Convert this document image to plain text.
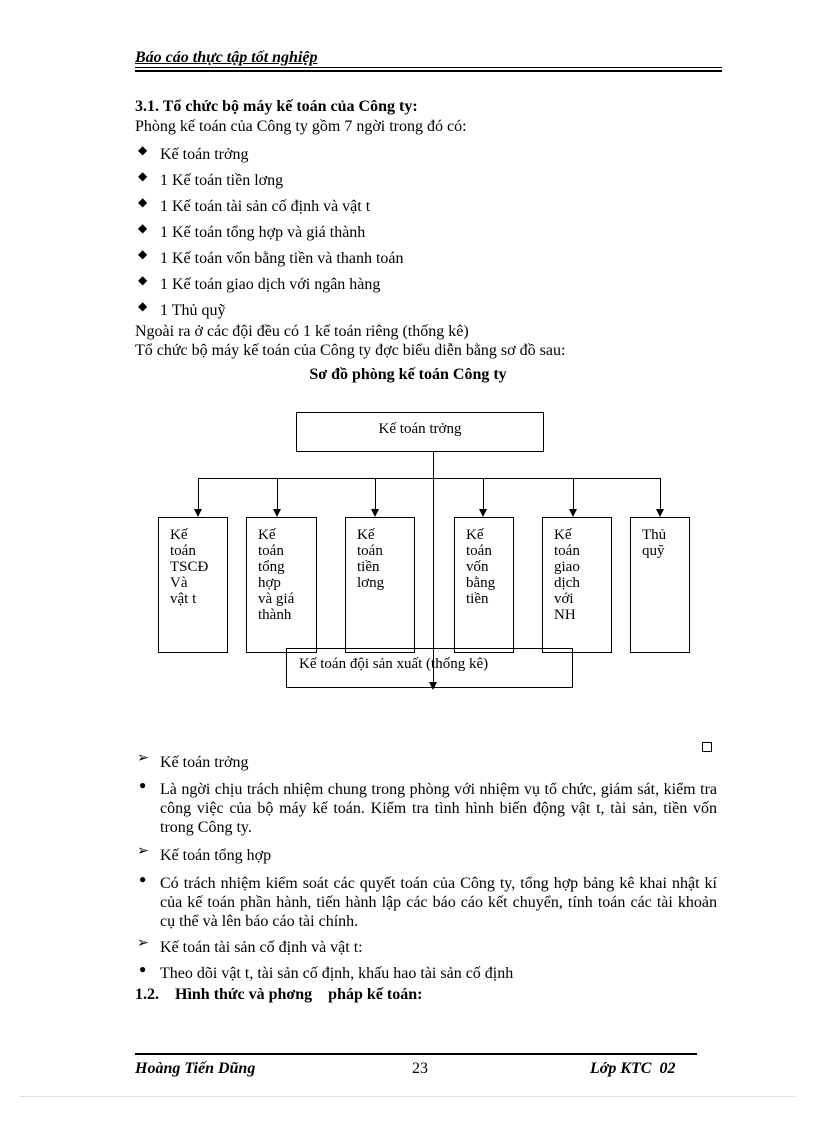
Báo cáo thực tập tốt nghiệp
3.1. Tổ chức bộ máy kế toán của Công ty:
Phòng kế toán của Công ty gồm 7 ngời trong đó có:
◆ Kế toán trởng
◆ 1 Kế toán tiền lơng
◆ 1 Kế toán tài sản cố định và vật t
◆ 1 Kế toán tổng hợp và giá thành
◆ 1 Kế toán vốn bằng tiền và thanh toán
◆ 1 Kế toán giao dịch với ngân hàng
◆ 1 Thủ quỹ
Ngoài ra ở các đội đều có 1 kế toán riêng (thống kê)
Tổ chức bộ máy kế toán của Công ty đợc biểu diễn bằng sơ đồ sau:
Sơ đồ phòng kế toán Công ty
Kế toán trởng
Kế
toán
TSCĐ
Và
vật t
Kế
toán
tổng
hợp
và giá
thành
Kế
toán
tiền
lơng
Kế
toán
vốn
bằng
tiền
Kế
toán
giao
dịch
với
NH
Thủ
quỹ
Kế toán đội sản xuất (thống kê)
➢ Kế toán trởng
● Là ngời chịu trách nhiệm chung trong phòng với nhiệm vụ tổ chức, giám sát, kiểm tra công việc của bộ máy kế toán. Kiểm tra tình hình biến động vật t, tài sản, tiền vốn trong Công ty.
➢ Kế toán tổng hợp
● Có trách nhiệm kiểm soát các quyết toán của Công ty, tổng hợp bảng kê khai nhật kí của kế toán phần hành, tiến hành lập các báo cáo kết chuyển, tính toán các tài khoản cụ thể và lên báo cáo tài chính.
➢ Kế toán tài sản cố định và vật t:
● Theo dõi vật t, tài sản cố định, khấu hao tài sản cố định
1.2.    Hình thức và phơng    pháp kế toán:
Hoàng Tiến Dũng	23	Lớp KTC  02
